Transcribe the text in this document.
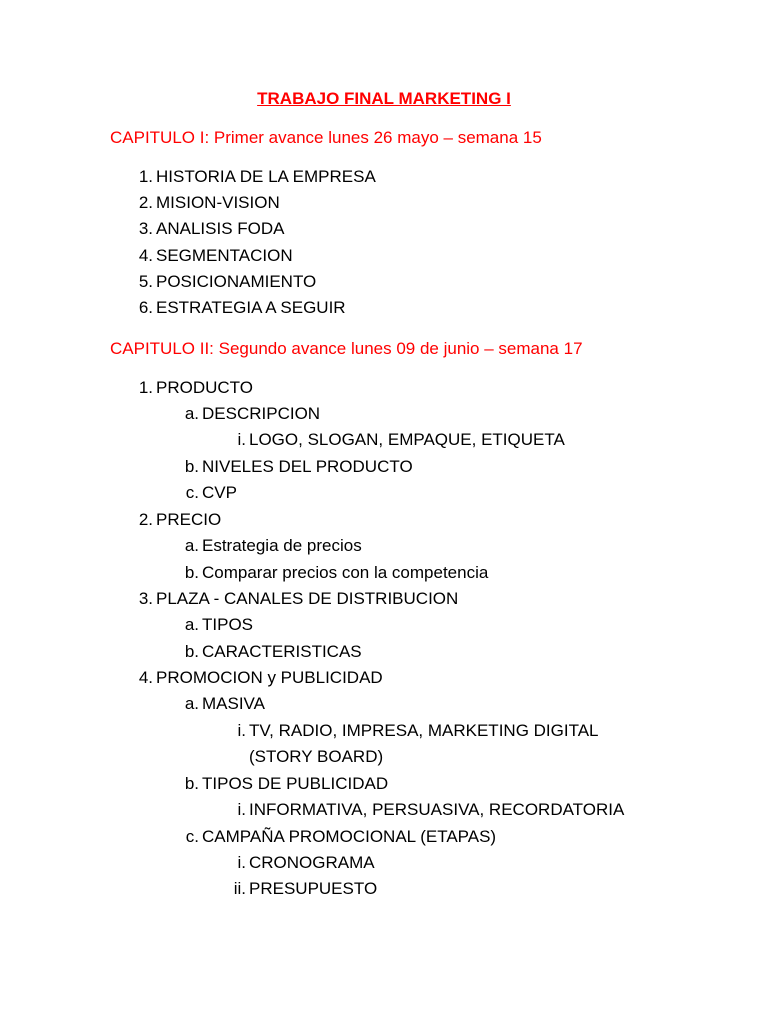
TRABAJO FINAL MARKETING I
CAPITULO I: Primer avance lunes 26 mayo – semana 15
1. HISTORIA DE LA EMPRESA
2. MISION-VISION
3. ANALISIS FODA
4. SEGMENTACION
5. POSICIONAMIENTO
6. ESTRATEGIA A SEGUIR
CAPITULO II: Segundo avance lunes 09 de junio – semana 17
1. PRODUCTO
a. DESCRIPCION
i. LOGO, SLOGAN, EMPAQUE, ETIQUETA
b. NIVELES DEL PRODUCTO
c. CVP
2. PRECIO
a. Estrategia de precios
b. Comparar precios con la competencia
3. PLAZA - CANALES DE DISTRIBUCION
a. TIPOS
b. CARACTERISTICAS
4. PROMOCION y PUBLICIDAD
a. MASIVA
i. TV, RADIO, IMPRESA, MARKETING DIGITAL
(STORY BOARD)
b. TIPOS DE PUBLICIDAD
i. INFORMATIVA, PERSUASIVA, RECORDATORIA
c. CAMPAÑA PROMOCIONAL (ETAPAS)
i. CRONOGRAMA
ii. PRESUPUESTO
